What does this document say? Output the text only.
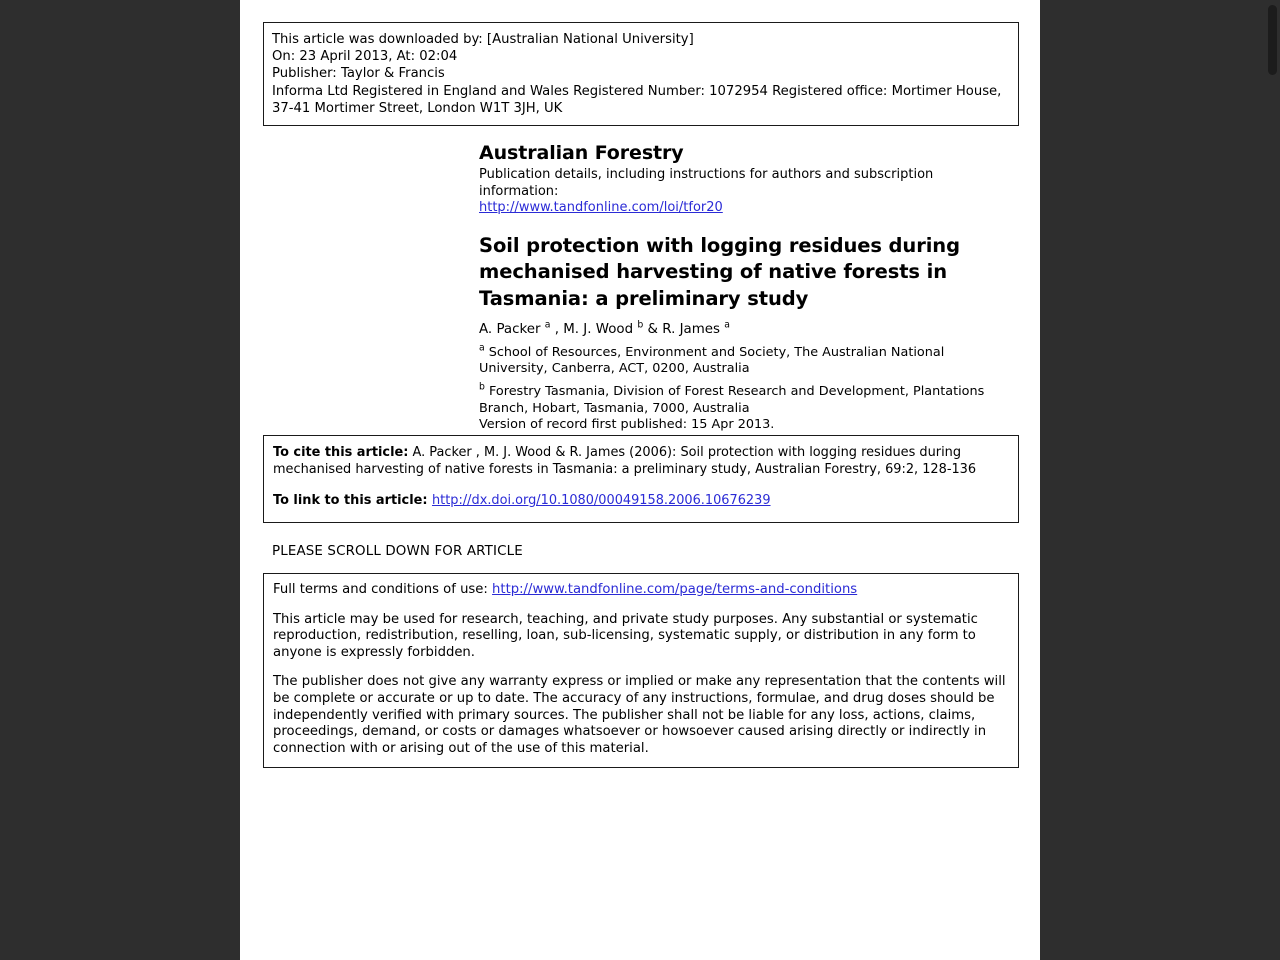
This article was downloaded by: [Australian National University]
On: 23 April 2013, At: 02:04
Publisher: Taylor & Francis
Informa Ltd Registered in England and Wales Registered Number: 1072954 Registered office: Mortimer House, 37-41 Mortimer Street, London W1T 3JH, UK
Australian Forestry
Publication details, including instructions for authors and subscription information:
http://www.tandfonline.com/loi/tfor20
Soil protection with logging residues during mechanised harvesting of native forests in Tasmania: a preliminary study
A. Packer $^a$ , M. J. Wood $^b$ & R. James $^a$
$^a$ School of Resources, Environment and Society, The Australian National University, Canberra, ACT, 0200, Australia
$^b$ Forestry Tasmania, Division of Forest Research and Development, Plantations Branch, Hobart, Tasmania, 7000, Australia
Version of record first published: 15 Apr 2013.
To cite this article: A. Packer , M. J. Wood & R. James (2006): Soil protection with logging residues during mechanised harvesting of native forests in Tasmania: a preliminary study, Australian Forestry, 69:2, 128-136
To link to this article: http://dx.doi.org/10.1080/00049158.2006.10676239
PLEASE SCROLL DOWN FOR ARTICLE

Full terms and conditions of use: http://www.tandfonline.com/page/terms-and-conditions

This article may be used for research, teaching, and private study purposes. Any substantial or systematic reproduction, redistribution, reselling, loan, sub-licensing, systematic supply, or distribution in any form to anyone is expressly forbidden.

The publisher does not give any warranty express or implied or make any representation that the contents will be complete or accurate or up to date. The accuracy of any instructions, formulae, and drug doses should be independently verified with primary sources. The publisher shall not be liable for any loss, actions, claims, proceedings, demand, or costs or damages whatsoever or howsoever caused arising directly or indirectly in connection with or arising out of the use of this material.
